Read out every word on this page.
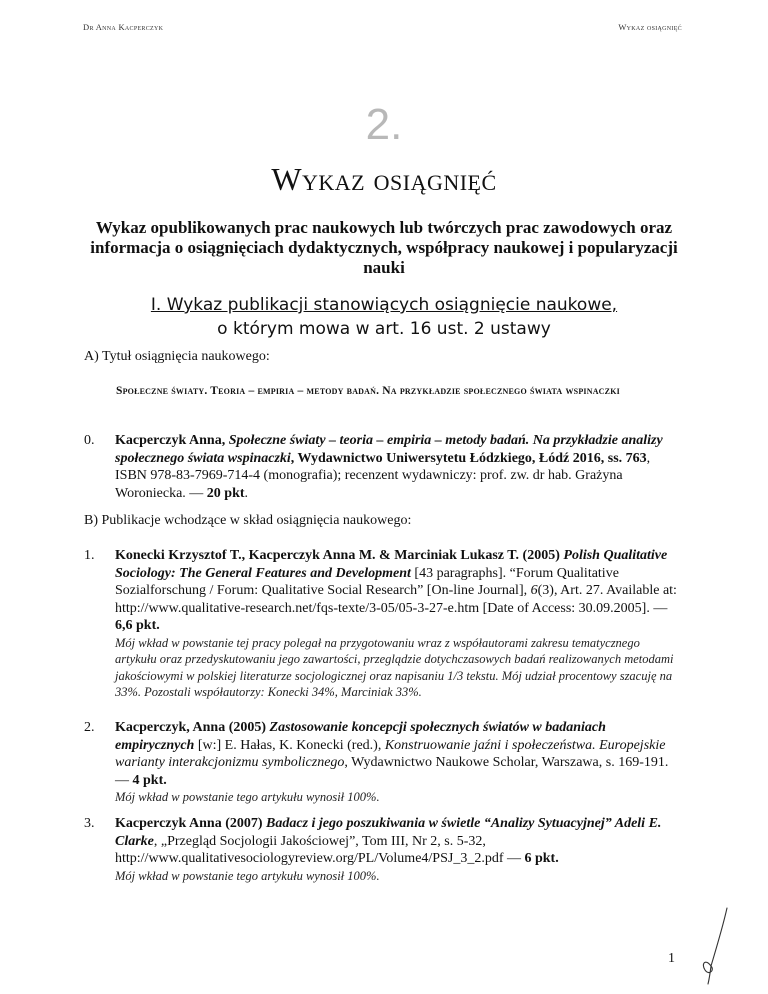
Dr Anna Kacperczyk	Wykaz osiągnięć
2.
Wykaz osiągnięć
Wykaz opublikowanych prac naukowych lub twórczych prac zawodowych oraz informacja o osiągnięciach dydaktycznych, współpracy naukowej i popularyzacji nauki
I. Wykaz publikacji stanowiących osiągnięcie naukowe,
o którym mowa w art. 16 ust. 2 ustawy
A) Tytuł osiągnięcia naukowego:
Społeczne światy. Teoria – empiria – metody badań. Na przykładzie społecznego świata wspinaczki
0.	Kacperczyk Anna, Społeczne światy – teoria – empiria – metody badań. Na przykładzie analizy społecznego świata wspinaczki, Wydawnictwo Uniwersytetu Łódzkiego, Łódź 2016, ss. 763, ISBN 978-83-7969-714-4 (monografia); recenzent wydawniczy: prof. zw. dr hab. Grażyna Woroniecka. — 20 pkt.
B) Publikacje wchodzące w skład osiągnięcia naukowego:
1.	Konecki Krzysztof T., Kacperczyk Anna M. & Marciniak Lukasz T. (2005) Polish Qualitative Sociology: The General Features and Development [43 paragraphs]. “Forum Qualitative Sozialforschung / Forum: Qualitative Social Research” [On-line Journal], 6(3), Art. 27. Available at: http://www.qualitative-research.net/fqs-texte/3-05/05-3-27-e.htm [Date of Access: 30.09.2005]. — 6,6 pkt.
Mój wkład w powstanie tej pracy polegał na przygotowaniu wraz z współautorami zakresu tematycznego artykułu oraz przedyskutowaniu jego zawartości, przeglądzie dotychczasowych badań realizowanych metodami jakościowymi w polskiej literaturze socjologicznej oraz napisaniu 1/3 tekstu. Mój udział procentowy szacuję na 33%. Pozostali współautorzy: Konecki 34%, Marciniak 33%.
2.	Kacperczyk, Anna (2005) Zastosowanie koncepcji społecznych światów w badaniach empirycznych [w:] E. Hałas, K. Konecki (red.), Konstruowanie jaźni i społeczeństwa. Europejskie warianty interakcjonizmu symbolicznego, Wydawnictwo Naukowe Scholar, Warszawa, s. 169-191. — 4 pkt.
Mój wkład w powstanie tego artykułu wynosił 100%.
3.	Kacperczyk Anna (2007) Badacz i jego poszukiwania w świetle “Analizy Sytuacyjnej” Adeli E. Clarke, „Przegląd Socjologii Jakościowej”, Tom III, Nr 2, s. 5-32, http://www.qualitativesociologyreview.org/PL/Volume4/PSJ_3_2.pdf — 6 pkt.
Mój wkład w powstanie tego artykułu wynosił 100%.
1
